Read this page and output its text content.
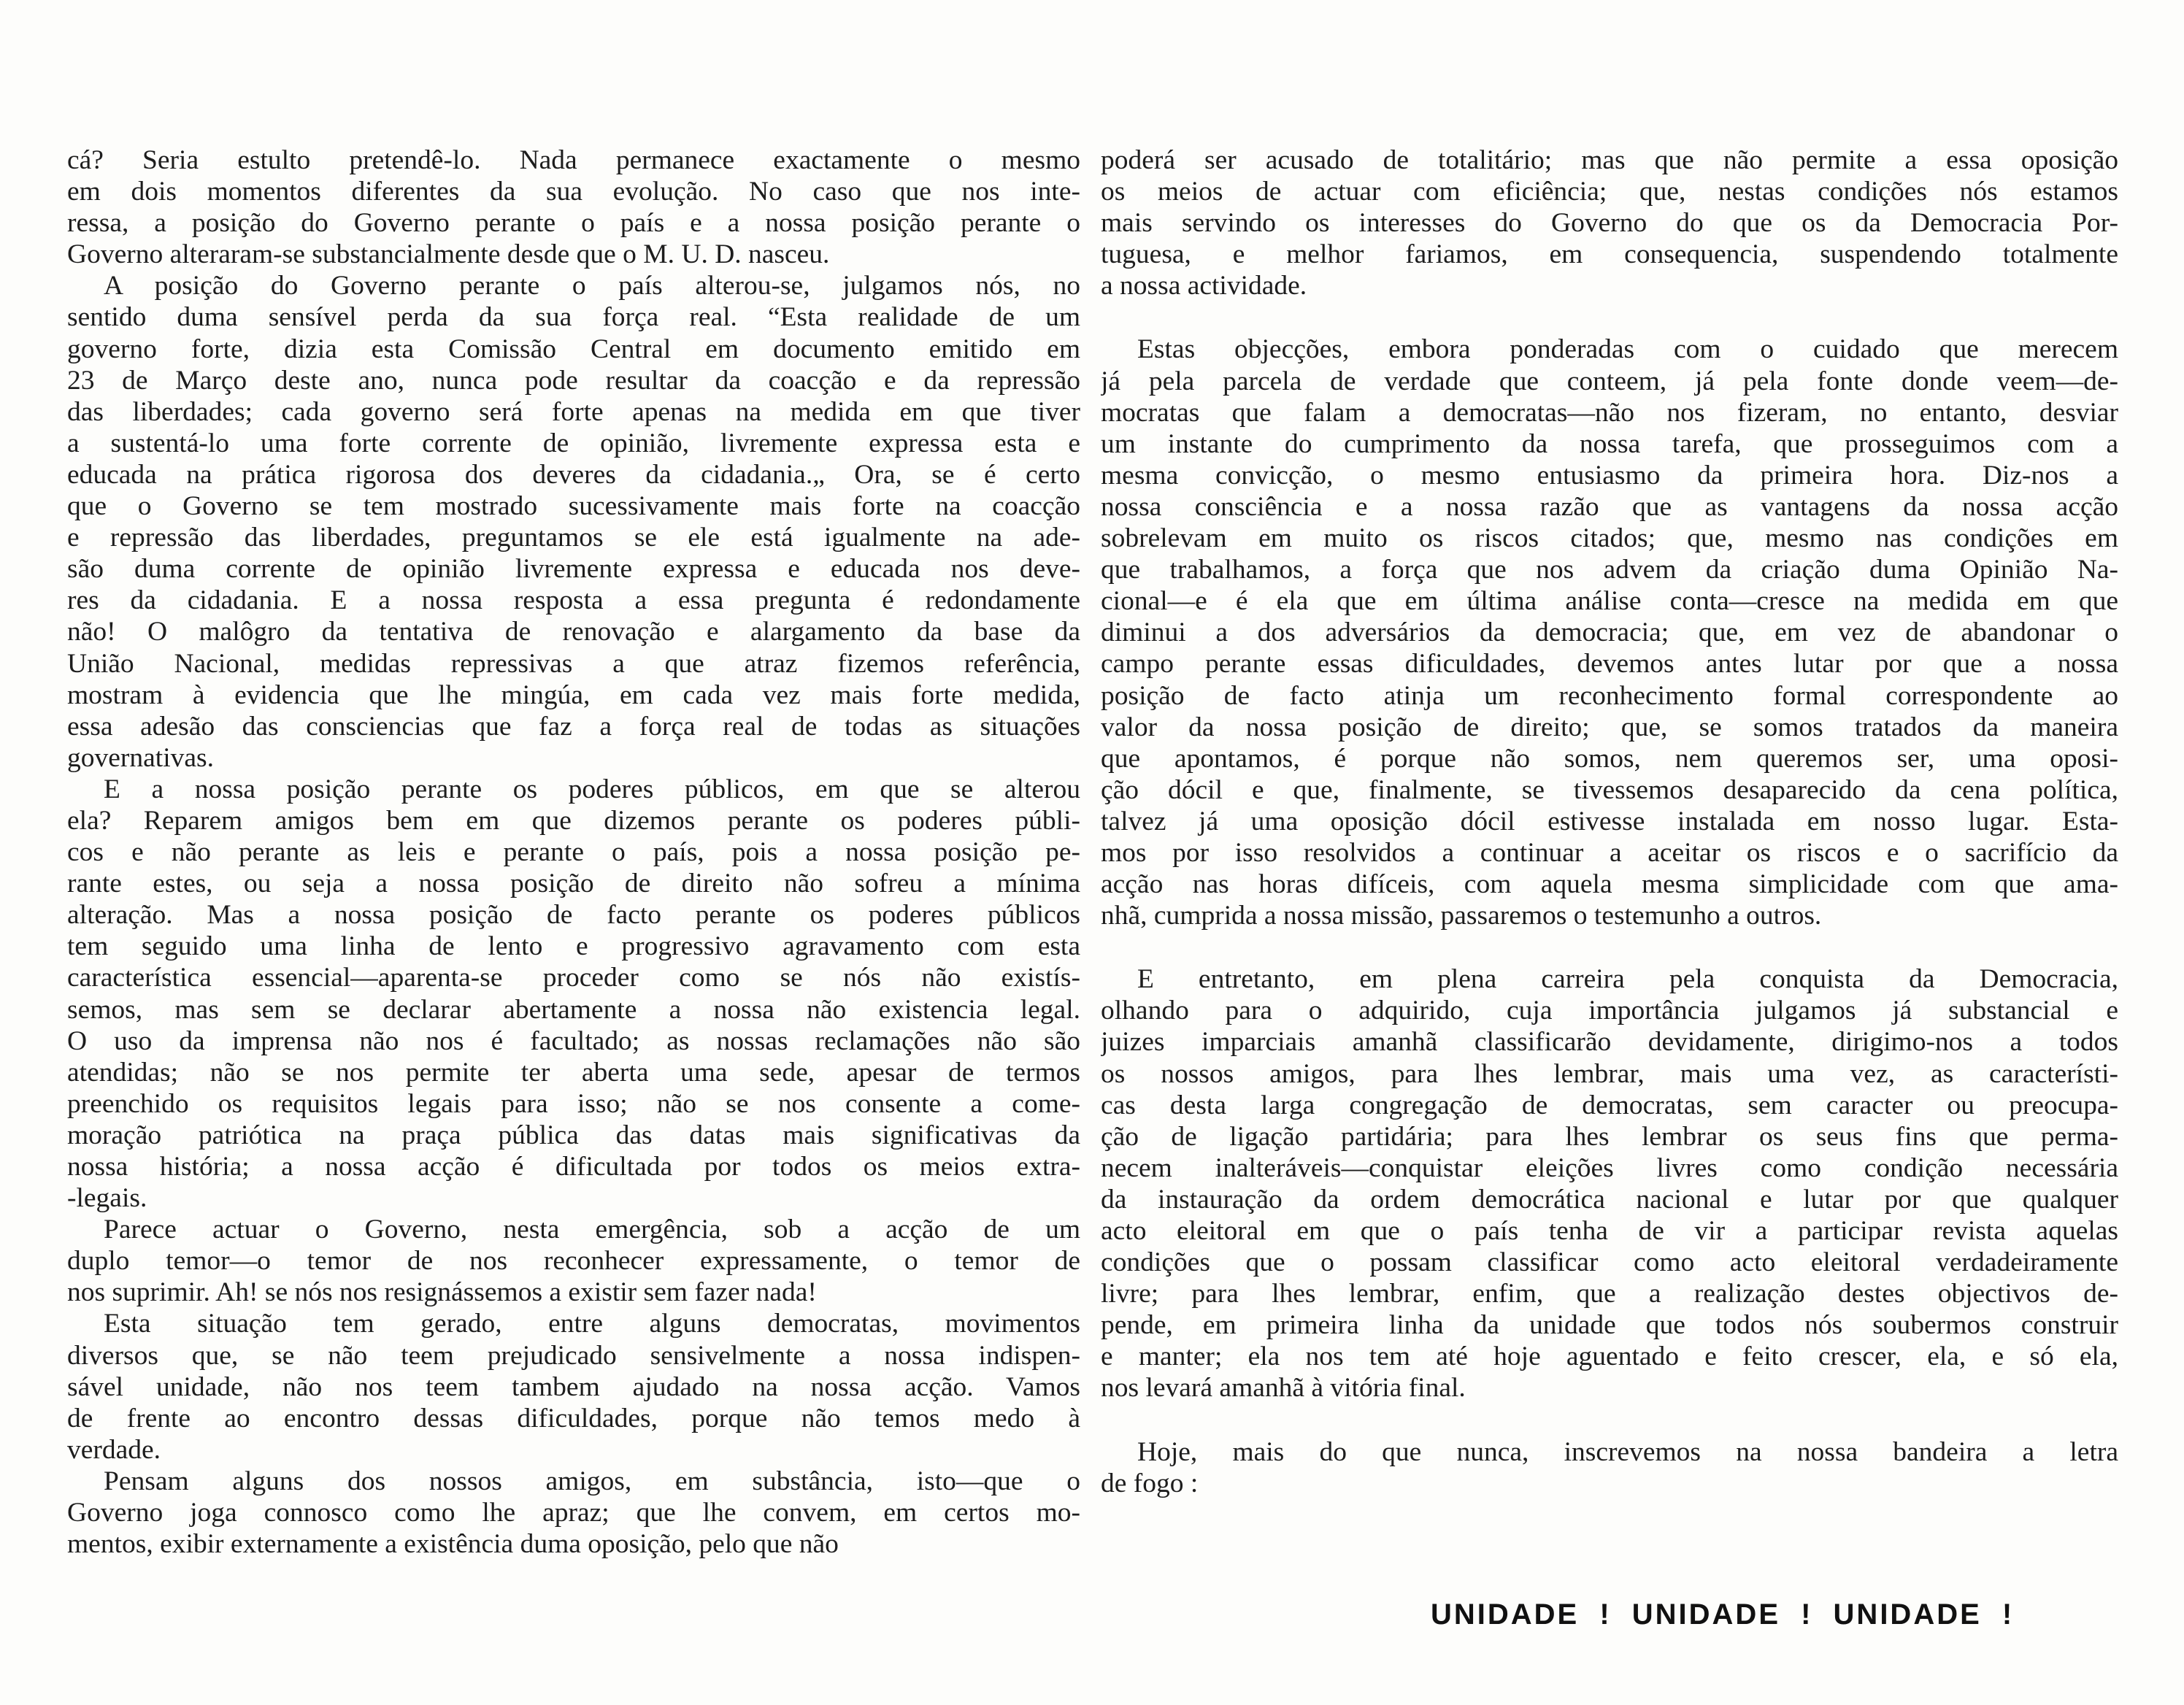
cá? Seria estulto pretendê-lo. Nada permanece exactamente o mesmo
em dois momentos diferentes da sua evolução. No caso que nos inte-
ressa, a posição do Governo perante o país e a nossa posição perante o
Governo alteraram-se substancialmente desde que o M. U. D. nasceu.
A posição do Governo perante o país alterou-se, julgamos nós, no
sentido duma sensível perda da sua força real. “Esta realidade de um
governo forte, dizia esta Comissão Central em documento emitido em
23 de Março deste ano, nunca pode resultar da coacção e da repressão
das liberdades; cada governo será forte apenas na medida em que tiver
a sustentá-lo uma forte corrente de opinião, livremente expressa esta e
educada na prática rigorosa dos deveres da cidadania.„ Ora, se é certo
que o Governo se tem mostrado sucessivamente mais forte na coacção
e repressão das liberdades, preguntamos se ele está igualmente na ade-
são duma corrente de opinião livremente expressa e educada nos deve-
res da cidadania. E a nossa resposta a essa pregunta é redondamente
não! O malôgro da tentativa de renovação e alargamento da base da
União Nacional, medidas repressivas a que atraz fizemos referência,
mostram à evidencia que lhe mingúa, em cada vez mais forte medida,
essa adesão das consciencias que faz a força real de todas as situações
governativas.
E a nossa posição perante os poderes públicos, em que se alterou
ela? Reparem amigos bem em que dizemos perante os poderes públi-
cos e não perante as leis e perante o país, pois a nossa posição pe-
rante estes, ou seja a nossa posição de direito não sofreu a mínima
alteração. Mas a nossa posição de facto perante os poderes públicos
tem seguido uma linha de lento e progressivo agravamento com esta
característica essencial—aparenta-se proceder como se nós não existís-
semos, mas sem se declarar abertamente a nossa não existencia legal.
O uso da imprensa não nos é facultado; as nossas reclamações não são
atendidas; não se nos permite ter aberta uma sede, apesar de termos
preenchido os requisitos legais para isso; não se nos consente a come-
moração patriótica na praça pública das datas mais significativas da
nossa história; a nossa acção é dificultada por todos os meios extra-
-legais.
Parece actuar o Governo, nesta emergência, sob a acção de um
duplo temor—o temor de nos reconhecer expressamente, o temor de
nos suprimir. Ah! se nós nos resignássemos a existir sem fazer nada!
Esta situação tem gerado, entre alguns democratas, movimentos
diversos que, se não teem prejudicado sensivelmente a nossa indispen-
sável unidade, não nos teem tambem ajudado na nossa acção. Vamos
de frente ao encontro dessas dificuldades, porque não temos medo à
verdade.
Pensam alguns dos nossos amigos, em substância, isto—que o
Governo joga connosco como lhe apraz; que lhe convem, em certos mo-
mentos, exibir externamente a existência duma oposição, pelo que não
poderá ser acusado de totalitário; mas que não permite a essa oposição
os meios de actuar com eficiência; que, nestas condições nós estamos
mais servindo os interesses do Governo do que os da Democracia Por-
tuguesa, e melhor fariamos, em consequencia, suspendendo totalmente
a nossa actividade.
Estas objecções, embora ponderadas com o cuidado que merecem
já pela parcela de verdade que conteem, já pela fonte donde veem—de-
mocratas que falam a democratas—não nos fizeram, no entanto, desviar
um instante do cumprimento da nossa tarefa, que prosseguimos com a
mesma convicção, o mesmo entusiasmo da primeira hora. Diz-nos a
nossa consciência e a nossa razão que as vantagens da nossa acção
sobrelevam em muito os riscos citados; que, mesmo nas condições em
que trabalhamos, a força que nos advem da criação duma Opinião Na-
cional—e é ela que em última análise conta—cresce na medida em que
diminui a dos adversários da democracia; que, em vez de abandonar o
campo perante essas dificuldades, devemos antes lutar por que a nossa
posição de facto atinja um reconhecimento formal correspondente ao
valor da nossa posição de direito; que, se somos tratados da maneira
que apontamos, é porque não somos, nem queremos ser, uma oposi-
ção dócil e que, finalmente, se tivessemos desaparecido da cena política,
talvez já uma oposição dócil estivesse instalada em nosso lugar. Esta-
mos por isso resolvidos a continuar a aceitar os riscos e o sacrifício da
acção nas horas difíceis, com aquela mesma simplicidade com que ama-
nhã, cumprida a nossa missão, passaremos o testemunho a outros.
E entretanto, em plena carreira pela conquista da Democracia,
olhando para o adquirido, cuja importância julgamos já substancial e
juizes imparciais amanhã classificarão devidamente, dirigimo-nos a todos
os nossos amigos, para lhes lembrar, mais uma vez, as característi-
cas desta larga congregação de democratas, sem caracter ou preocupa-
ção de ligação partidária; para lhes lembrar os seus fins que perma-
necem inalteráveis—conquistar eleições livres como condição necessária
da instauração da ordem democrática nacional e lutar por que qualquer
acto eleitoral em que o país tenha de vir a participar revista aquelas
condições que o possam classificar como acto eleitoral verdadeiramente
livre; para lhes lembrar, enfim, que a realização destes objectivos de-
pende, em primeira linha da unidade que todos nós soubermos construir
e manter; ela nos tem até hoje aguentado e feito crescer, ela, e só ela,
nos levará amanhã à vitória final.
Hoje, mais do que nunca, inscrevemos na nossa bandeira a letra
de fogo :
UNIDADE ! UNIDADE ! UNIDADE !
